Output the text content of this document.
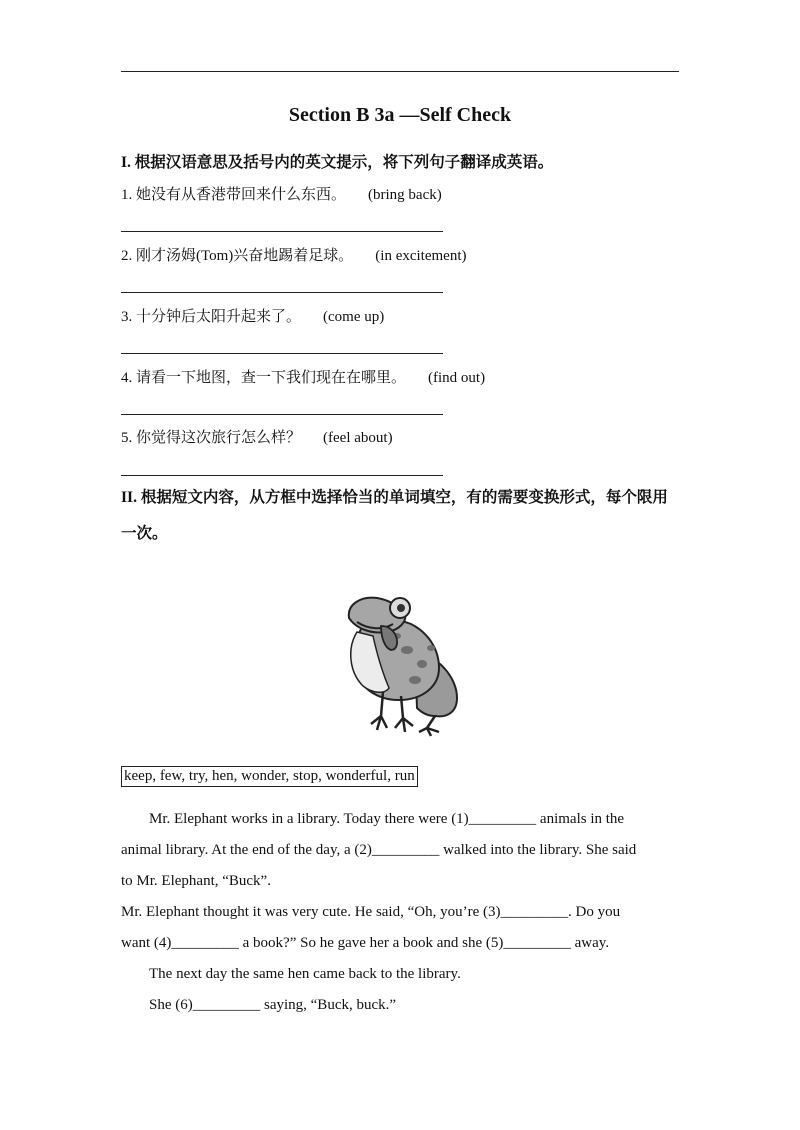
Section B 3a —Self Check
I. 根据汉语意思及括号内的英文提示，将下列句子翻译成英语。
1. 她没有从香港带回来什么东西。 (bring back)
2. 刚才汤姆(Tom)兴奋地踢着足球。 (in excitement)
3. 十分钟后太阳升起来了。 (come up)
4. 请看一下地图，查一下我们现在在哪里。 (find out)
5. 你觉得这次旅行怎么样？ (feel about)
II. 根据短文内容，从方框中选择恰当的单词填空，有的需要变换形式，每个限用一次。
keep, few, try, hen, wonder, stop, wonderful, run
Mr. Elephant works in a library. Today there were (1)_________ animals in the
animal library. At the end of the day, a (2)_________ walked into the library. She said
to Mr. Elephant, “Buck”.
Mr. Elephant thought it was very cute. He said, “Oh, you’re (3)_________. Do you
want (4)_________ a book?” So he gave her a book and she (5)_________ away.
The next day the same hen came back to the library.
She (6)_________ saying, “Buck, buck.”
